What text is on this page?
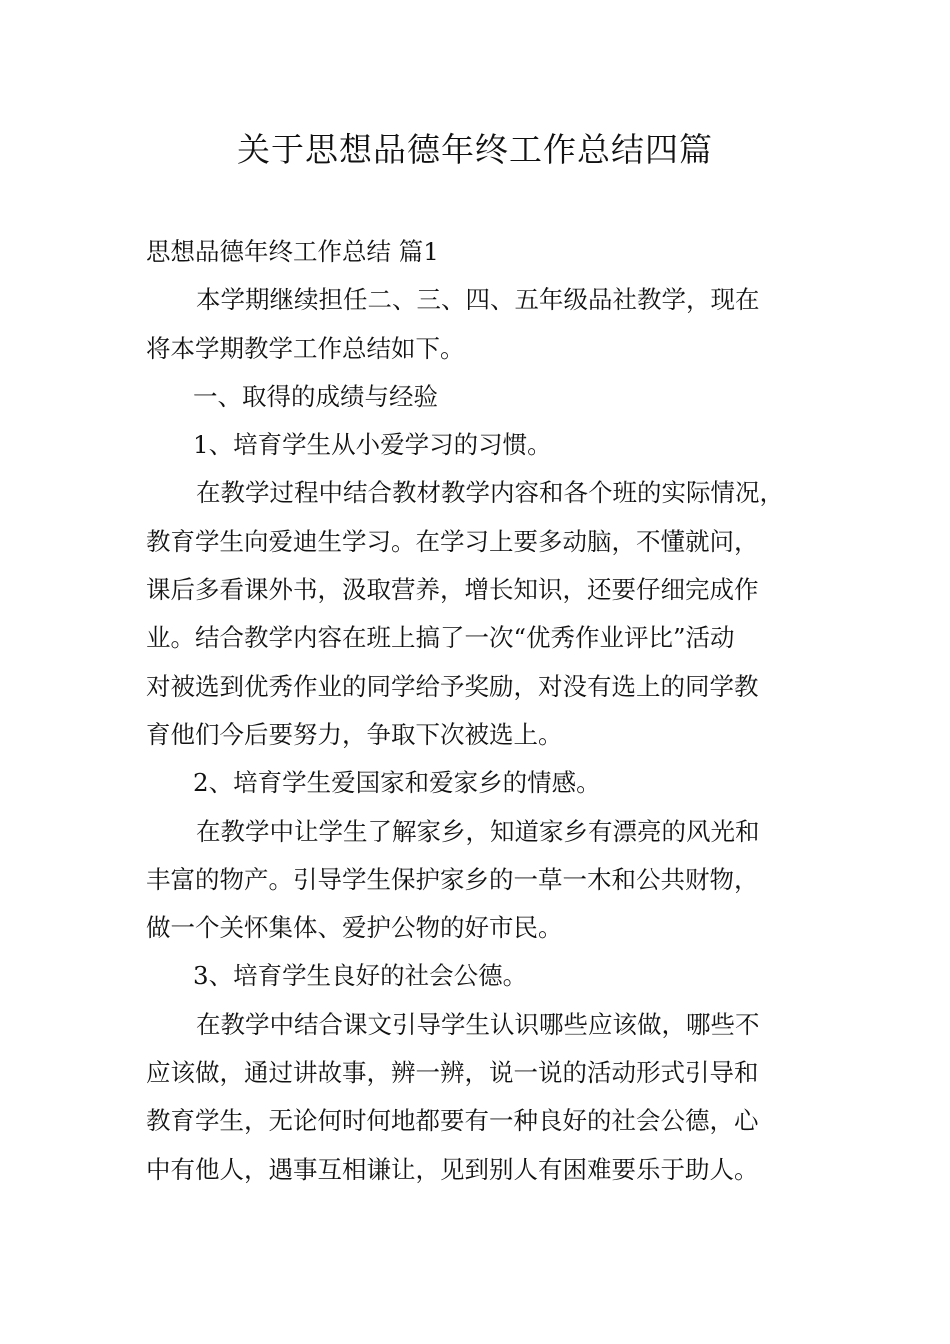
关于思想品德年终工作总结四篇

思想品德年终工作总结 篇1

本学期继续担任二、三、四、五年级品社教学，现在

将本学期教学工作总结如下。

一、取得的成绩与经验

1、培育学生从小爱学习的习惯。

在教学过程中结合教材教学内容和各个班的实际情况，

教育学生向爱迪生学习。在学习上要多动脑，不懂就问，

课后多看课外书，汲取营养，增长知识，还要仔细完成作

业。结合教学内容在班上搞了一次“优秀作业评比”活动

对被选到优秀作业的同学给予奖励，对没有选上的同学教

育他们今后要努力，争取下次被选上。

2、培育学生爱国家和爱家乡的情感。

在教学中让学生了解家乡，知道家乡有漂亮的风光和

丰富的物产。引导学生保护家乡的一草一木和公共财物，

做一个关怀集体、爱护公物的好市民。

3、培育学生良好的社会公德。

在教学中结合课文引导学生认识哪些应该做，哪些不

应该做，通过讲故事，辨一辨，说一说的活动形式引导和

教育学生，无论何时何地都要有一种良好的社会公德，心

中有他人，遇事互相谦让，见到别人有困难要乐于助人。
